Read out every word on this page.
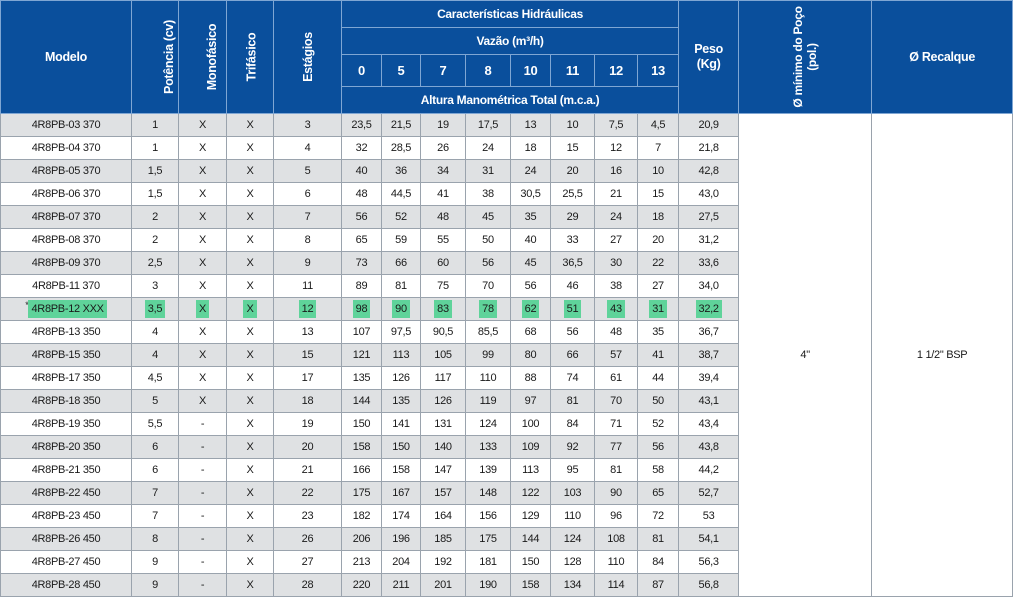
Modelo	Potência (cv)	Monofásico	Trifásico	Estágios	Características Hidráulicas								Peso (Kg)	Ø mínimo do Poço (pol.)	Ø Recalque
					Vazão (m³/h)										
					0	5	7	8	10	11	12	13			
					Altura Manométrica Total (m.c.a.)										
4R8PB-03 370	1	X	X	3	23,5	21,5	19	17,5	13	10	7,5	4,5	20,9	4"	1 1/2" BSP
4R8PB-04 370	1	X	X	4	32	28,5	26	24	18	15	12	7	21,8		
4R8PB-05 370	1,5	X	X	5	40	36	34	31	24	20	16	10	42,8		
4R8PB-06 370	1,5	X	X	6	48	44,5	41	38	30,5	25,5	21	15	43,0		
4R8PB-07 370	2	X	X	7	56	52	48	45	35	29	24	18	27,5		
4R8PB-08 370	2	X	X	8	65	59	55	50	40	33	27	20	31,2		
4R8PB-09 370	2,5	X	X	9	73	66	60	56	45	36,5	30	22	33,6		
4R8PB-11 370	3	X	X	11	89	81	75	70	56	46	38	27	34,0		
* 4R8PB-12 XXX	3,5	X	X	12	98	90	83	78	62	51	43	31	32,2		
4R8PB-13 350	4	X	X	13	107	97,5	90,5	85,5	68	56	48	35	36,7		
4R8PB-15 350	4	X	X	15	121	113	105	99	80	66	57	41	38,7		
4R8PB-17 350	4,5	X	X	17	135	126	117	110	88	74	61	44	39,4		
4R8PB-18 350	5	X	X	18	144	135	126	119	97	81	70	50	43,1		
4R8PB-19 350	5,5	-	X	19	150	141	131	124	100	84	71	52	43,4		
4R8PB-20 350	6	-	X	20	158	150	140	133	109	92	77	56	43,8		
4R8PB-21 350	6	-	X	21	166	158	147	139	113	95	81	58	44,2		
4R8PB-22 450	7	-	X	22	175	167	157	148	122	103	90	65	52,7		
4R8PB-23 450	7	-	X	23	182	174	164	156	129	110	96	72	53		
4R8PB-26 450	8	-	X	26	206	196	185	175	144	124	108	81	54,1		
4R8PB-27 450	9	-	X	27	213	204	192	181	150	128	110	84	56,3		
4R8PB-28 450	9	-	X	28	220	211	201	190	158	134	114	87	56,8		
